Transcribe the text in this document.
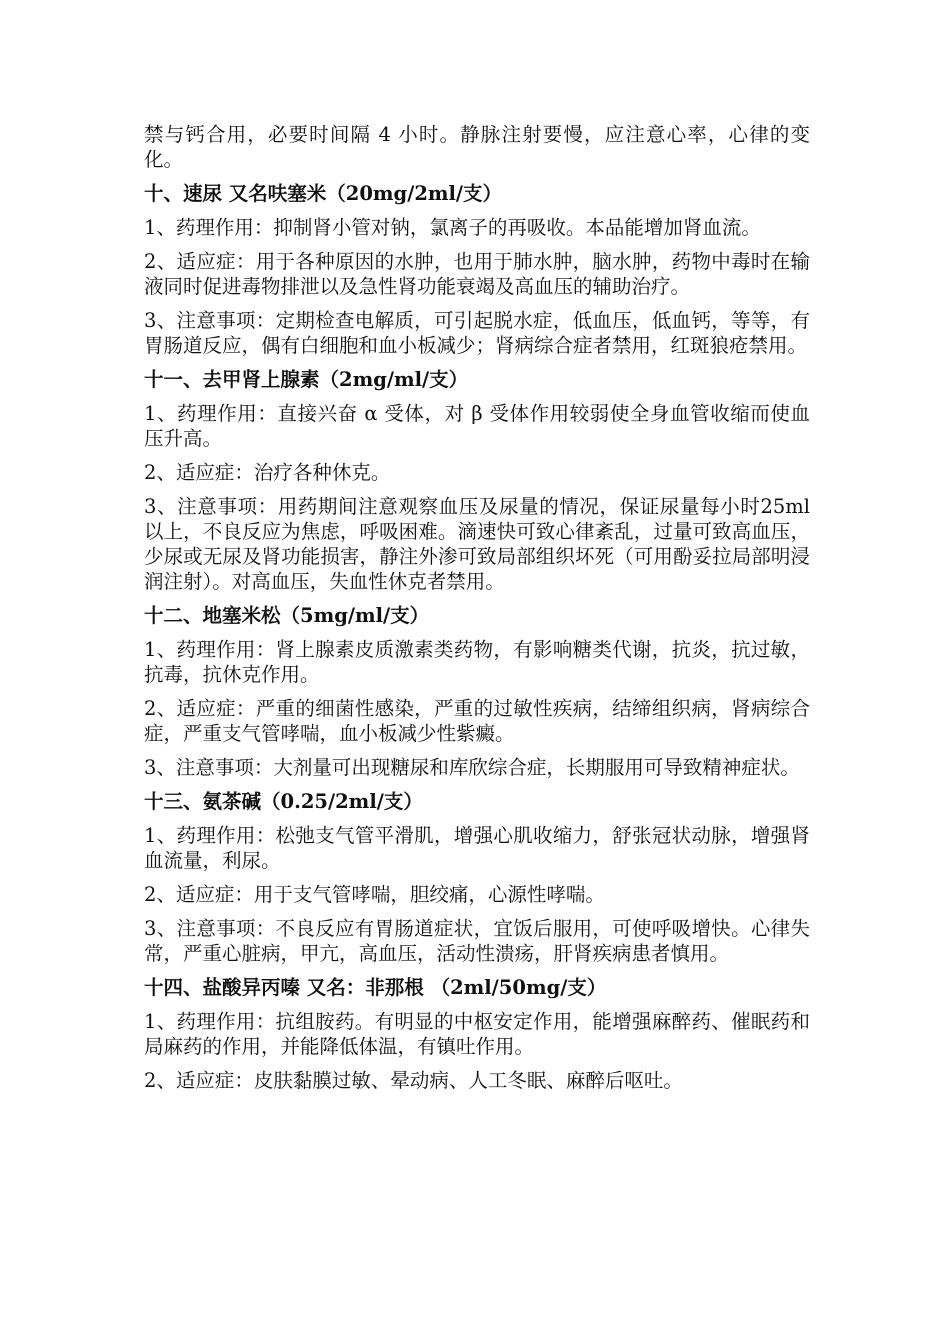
禁与钙合用，必要时间隔 4 小时。静脉注射要慢，应注意心率，心律的变化。

十、速尿 又名呋塞米（20mg/2ml/支）

1、药理作用：抑制肾小管对钠，氯离子的再吸收。本品能增加肾血流。

2、适应症：用于各种原因的水肿，也用于肺水肿，脑水肿，药物中毒时在输液同时促进毒物排泄以及急性肾功能衰竭及高血压的辅助治疗。

3、注意事项：定期检查电解质，可引起脱水症，低血压，低血钙，等等，有胃肠道反应，偶有白细胞和血小板减少；肾病综合症者禁用，红斑狼疮禁用。

十一、去甲肾上腺素（2mg/ml/支）

1、药理作用：直接兴奋 α 受体，对 β 受体作用较弱使全身血管收缩而使血压升高。

2、适应症：治疗各种休克。

3、注意事项：用药期间注意观察血压及尿量的情况，保证尿量每小时25ml 以上，不良反应为焦虑，呼吸困难。滴速快可致心律紊乱，过量可致高血压，少尿或无尿及肾功能损害，静注外渗可致局部组织坏死（可用酚妥拉局部明浸润注射）。对高血压，失血性休克者禁用。

十二、地塞米松（5mg/ml/支）

1、药理作用：肾上腺素皮质激素类药物，有影响糖类代谢，抗炎，抗过敏，抗毒，抗休克作用。

2、适应症：严重的细菌性感染，严重的过敏性疾病，结缔组织病，肾病综合症，严重支气管哮喘，血小板减少性紫癜。

3、注意事项：大剂量可出现糖尿和库欣综合症，长期服用可导致精神症状。

十三、氨茶碱（0.25/2ml/支）

1、药理作用：松弛支气管平滑肌，增强心肌收缩力，舒张冠状动脉，增强肾血流量，利尿。

2、适应症：用于支气管哮喘，胆绞痛，心源性哮喘。

3、注意事项：不良反应有胃肠道症状，宜饭后服用，可使呼吸增快。心律失常，严重心脏病，甲亢，高血压，活动性溃疡，肝肾疾病患者慎用。

十四、盐酸异丙嗪 又名：非那根 （2ml/50mg/支）

1、药理作用：抗组胺药。有明显的中枢安定作用，能增强麻醉药、催眠药和局麻药的作用，并能降低体温，有镇吐作用。

2、适应症：皮肤黏膜过敏、晕动病、人工冬眠、麻醉后呕吐。
